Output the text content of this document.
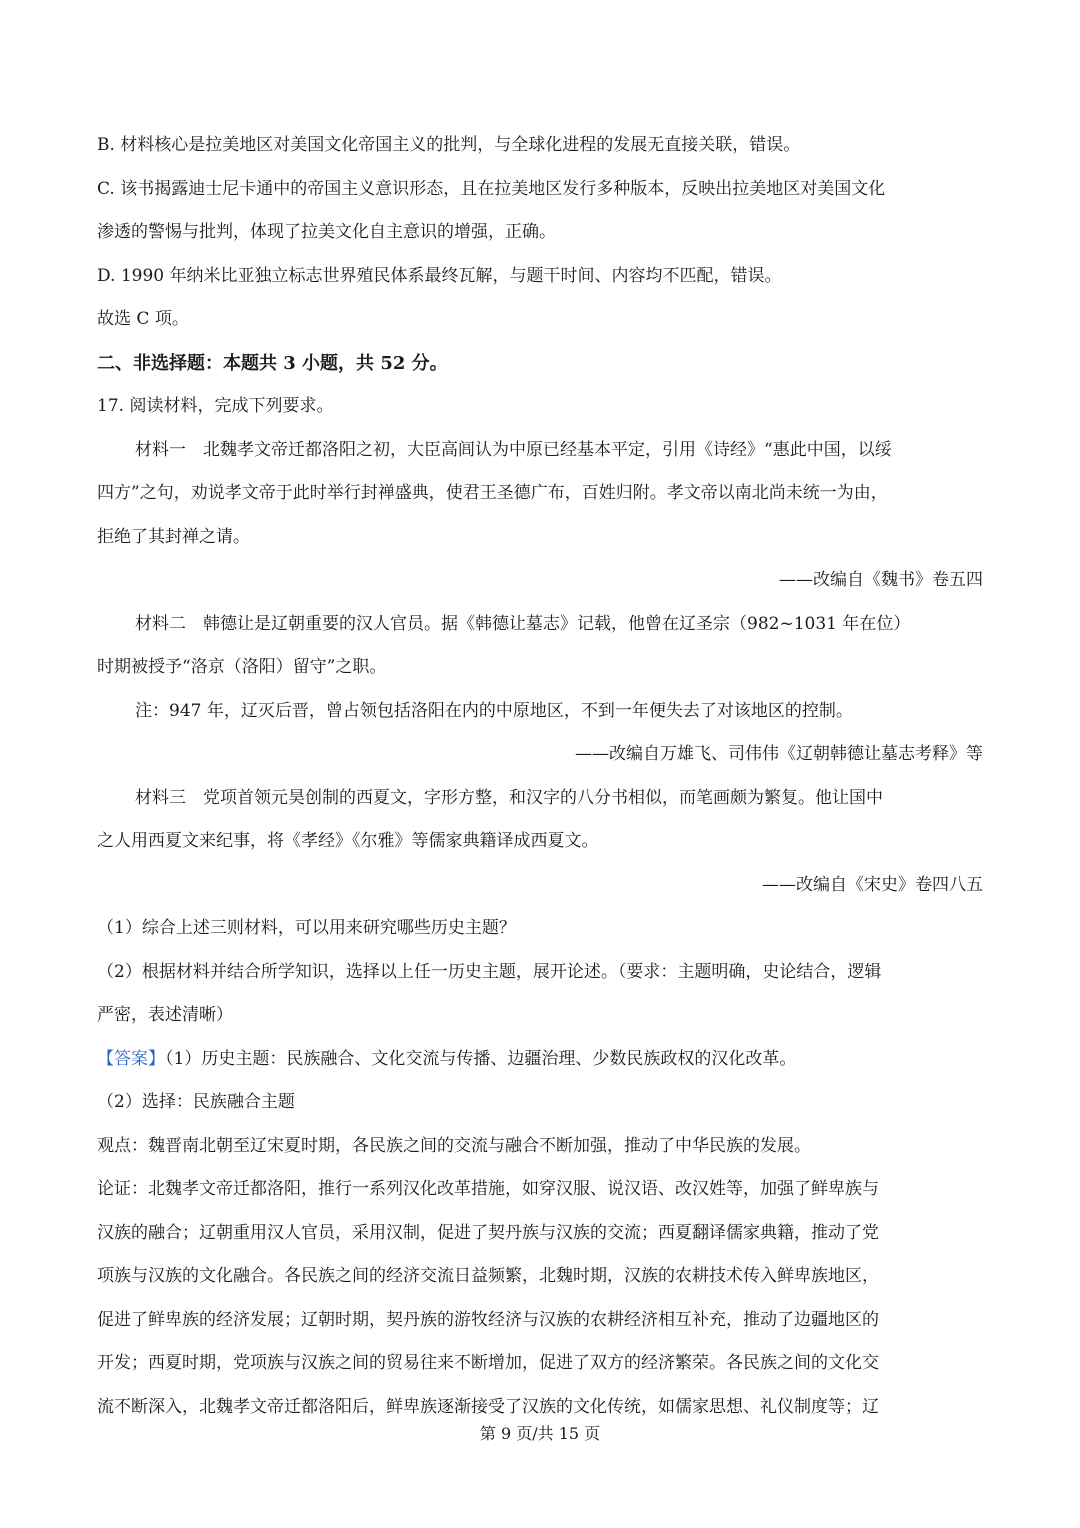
B. 材料核心是拉美地区对美国文化帝国主义的批判，与全球化进程的发展无直接关联，错误。

C. 该书揭露迪士尼卡通中的帝国主义意识形态，且在拉美地区发行多种版本，反映出拉美地区对美国文化

渗透的警惕与批判，体现了拉美文化自主意识的增强，正确。

D. 1990 年纳米比亚独立标志世界殖民体系最终瓦解，与题干时间、内容均不匹配，错误。

故选 C 项。

二、非选择题：本题共 3 小题，共 52 分。

17. 阅读材料，完成下列要求。

材料一　北魏孝文帝迁都洛阳之初，大臣高闾认为中原已经基本平定，引用《诗经》“惠此中国，以绥

四方”之句，劝说孝文帝于此时举行封禅盛典，使君王圣德广布，百姓归附。孝文帝以南北尚未统一为由，

拒绝了其封禅之请。

——改编自《魏书》卷五四

材料二　韩德让是辽朝重要的汉人官员。据《韩德让墓志》记载，他曾在辽圣宗（982~1031 年在位）

时期被授予“洛京（洛阳）留守”之职。

注：947 年，辽灭后晋，曾占领包括洛阳在内的中原地区，不到一年便失去了对该地区的控制。

——改编自万雄飞、司伟伟《辽朝韩德让墓志考释》等

材料三　党项首领元昊创制的西夏文，字形方整，和汉字的八分书相似，而笔画颇为繁复。他让国中

之人用西夏文来纪事，将《孝经》《尔雅》等儒家典籍译成西夏文。

——改编自《宋史》卷四八五

（1）综合上述三则材料，可以用来研究哪些历史主题？

（2）根据材料并结合所学知识，选择以上任一历史主题，展开论述。（要求：主题明确，史论结合，逻辑

严密，表述清晰）

【答案】（1）历史主题：民族融合、文化交流与传播、边疆治理、少数民族政权的汉化改革。

（2）选择：民族融合主题

观点：魏晋南北朝至辽宋夏时期，各民族之间的交流与融合不断加强，推动了中华民族的发展。

论证：北魏孝文帝迁都洛阳，推行一系列汉化改革措施，如穿汉服、说汉语、改汉姓等，加强了鲜卑族与

汉族的融合；辽朝重用汉人官员，采用汉制，促进了契丹族与汉族的交流；西夏翻译儒家典籍，推动了党

项族与汉族的文化融合。各民族之间的经济交流日益频繁，北魏时期，汉族的农耕技术传入鲜卑族地区，

促进了鲜卑族的经济发展；辽朝时期，契丹族的游牧经济与汉族的农耕经济相互补充，推动了边疆地区的

开发；西夏时期，党项族与汉族之间的贸易往来不断增加，促进了双方的经济繁荣。各民族之间的文化交

流不断深入，北魏孝文帝迁都洛阳后，鲜卑族逐渐接受了汉族的文化传统，如儒家思想、礼仪制度等；辽

第 9 页/共 15 页
